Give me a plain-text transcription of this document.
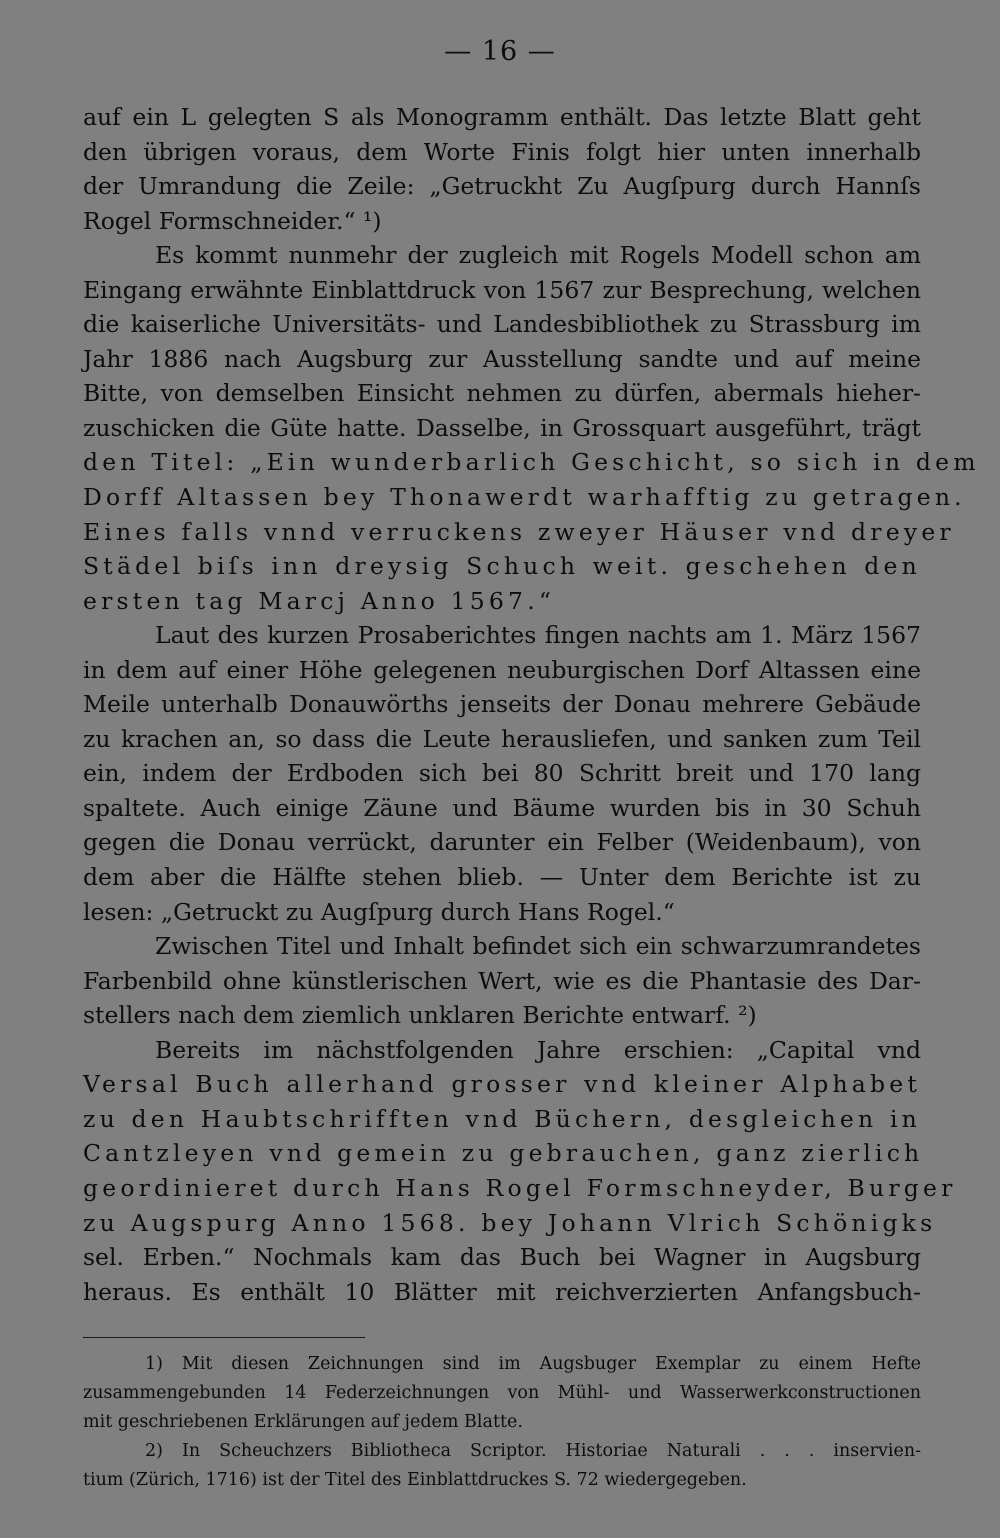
— 16 —
auf ein L gelegten S als Monogramm enthält. Das letzte Blatt geht
den übrigen voraus, dem Worte Finis folgt hier unten innerhalb
der Umrandung die Zeile: „Getruckht Zu Augſpurg durch Hannſs
Rogel Formschneider.“ ¹)
Es kommt nunmehr der zugleich mit Rogels Modell schon am
Eingang erwähnte Einblattdruck von 1567 zur Besprechung, welchen
die kaiserliche Universitäts- und Landesbibliothek zu Strassburg im
Jahr 1886 nach Augsburg zur Ausstellung sandte und auf meine
Bitte, von demselben Einsicht nehmen zu dürfen, abermals hieher-
zuschicken die Güte hatte. Dasselbe, in Grossquart ausgeführt, trägt
den Titel: „Ein wunderbarlich Geschicht, so sich in dem
Dorff Altassen bey Thonawerdt warhafftig zu getragen.
Eines falls vnnd verruckens zweyer Häuser vnd dreyer
Städel biſs inn dreysig Schuch weit. geschehen den
ersten tag Marcj Anno 1567.“
Laut des kurzen Prosaberichtes fingen nachts am 1. März 1567
in dem auf einer Höhe gelegenen neuburgischen Dorf Altassen eine
Meile unterhalb Donauwörths jenseits der Donau mehrere Gebäude
zu krachen an, so dass die Leute herausliefen, und sanken zum Teil
ein, indem der Erdboden sich bei 80 Schritt breit und 170 lang
spaltete. Auch einige Zäune und Bäume wurden bis in 30 Schuh
gegen die Donau verrückt, darunter ein Felber (Weidenbaum), von
dem aber die Hälfte stehen blieb. — Unter dem Berichte ist zu
lesen: „Getruckt zu Augſpurg durch Hans Rogel.“
Zwischen Titel und Inhalt befindet sich ein schwarzumrandetes
Farbenbild ohne künstlerischen Wert, wie es die Phantasie des Dar-
stellers nach dem ziemlich unklaren Berichte entwarf. ²)
Bereits im nächstfolgenden Jahre erschien: „Capital vnd
Versal Buch allerhand grosser vnd kleiner Alphabet
zu den Haubtschrifften vnd Büchern, desgleichen in
Cantzleyen vnd gemein zu gebrauchen, ganz zierlich
geordinieret durch Hans Rogel Formschneyder, Burger
zu Augspurg Anno 1568. bey Johann Vlrich Schönigks
sel. Erben.“ Nochmals kam das Buch bei Wagner in Augsburg
heraus. Es enthält 10 Blätter mit reichverzierten Anfangsbuch-
1) Mit diesen Zeichnungen sind im Augsbuger Exemplar zu einem Hefte
zusammengebunden 14 Federzeichnungen von Mühl- und Wasserwerkconstructionen
mit geschriebenen Erklärungen auf jedem Blatte.
2) In Scheuchzers Bibliotheca Scriptor. Historiae Naturali . . . inservien-
tium (Zürich, 1716) ist der Titel des Einblattdruckes S. 72 wiedergegeben.
